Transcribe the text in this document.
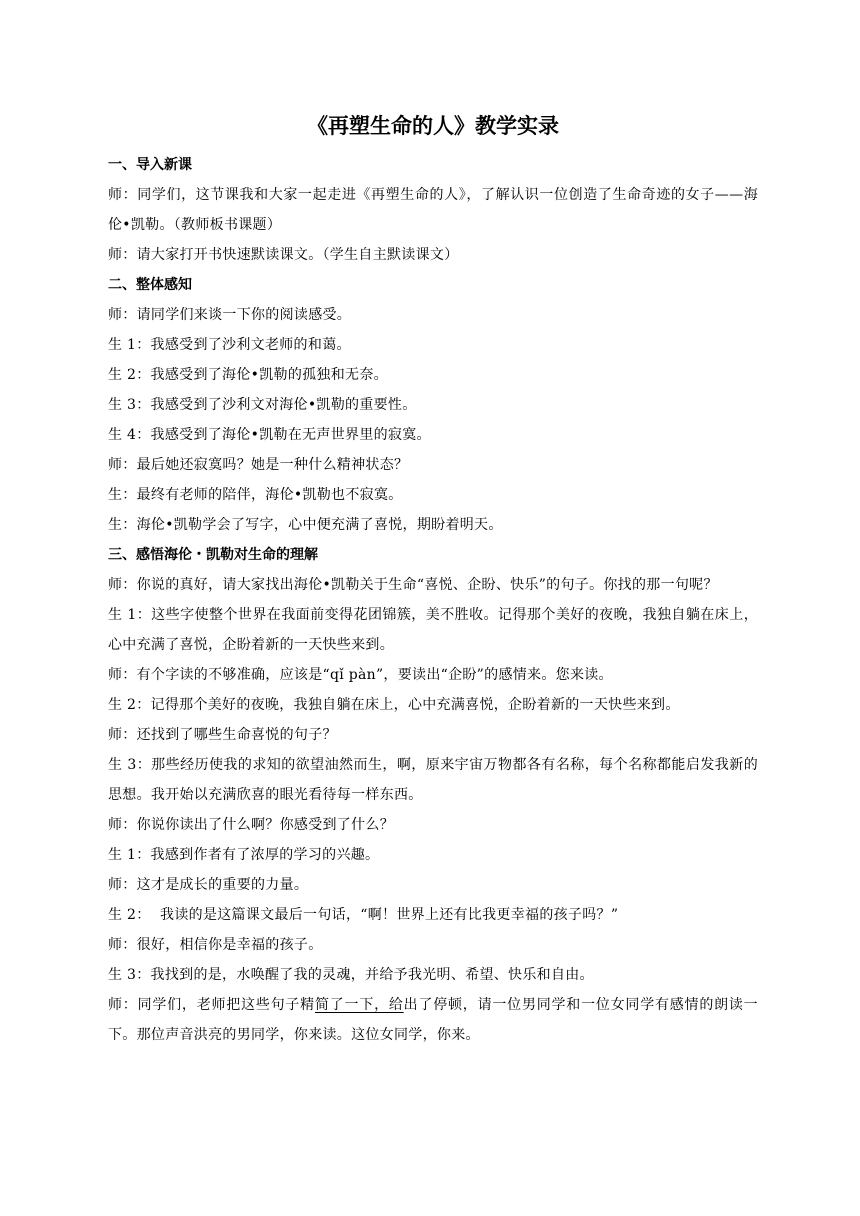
《再塑生命的人》教学实录
一、导入新课

师：同学们，这节课我和大家一起走进《再塑生命的人》，了解认识一位创造了生命奇迹的女子——海伦•凯勒。（教师板书课题）

师：请大家打开书快速默读课文。（学生自主默读课文）

二、整体感知

师：请同学们来谈一下你的阅读感受。

生 1：我感受到了沙利文老师的和蔼。

生 2：我感受到了海伦•凯勒的孤独和无奈。

生 3：我感受到了沙利文对海伦•凯勒的重要性。

生 4：我感受到了海伦•凯勒在无声世界里的寂寞。

师：最后她还寂寞吗？她是一种什么精神状态？

生：最终有老师的陪伴，海伦•凯勒也不寂寞。

生：海伦•凯勒学会了写字，心中便充满了喜悦，期盼着明天。

三、感悟海伦・凯勒对生命的理解

师：你说的真好，请大家找出海伦•凯勒关于生命“喜悦、企盼、快乐”的句子。你找的那一句呢？

生 1：这些字使整个世界在我面前变得花团锦簇，美不胜收。记得那个美好的夜晚，我独自躺在床上，心中充满了喜悦，企盼着新的一天快些来到。

师：有个字读的不够准确，应该是“qǐ pàn”，要读出“企盼”的感情来。您来读。

生 2：记得那个美好的夜晚，我独自躺在床上，心中充满喜悦，企盼着新的一天快些来到。

师：还找到了哪些生命喜悦的句子？

生 3：那些经历使我的求知的欲望油然而生，啊，原来宇宙万物都各有名称，每个名称都能启发我新的思想。我开始以充满欣喜的眼光看待每一样东西。

师：你说你读出了什么啊？你感受到了什么？

生 1：我感到作者有了浓厚的学习的兴趣。

师：这才是成长的重要的力量。

生 2：  我读的是这篇课文最后一句话，“啊！世界上还有比我更幸福的孩子吗？”

师：很好，相信你是幸福的孩子。

生 3：我找到的是，水唤醒了我的灵魂，并给予我光明、希望、快乐和自由。

师：同学们，老师把这些句子精简了一下，给出了停顿，请一位男同学和一位女同学有感情的朗读一下。那位声音洪亮的男同学，你来读。这位女同学，你来。
